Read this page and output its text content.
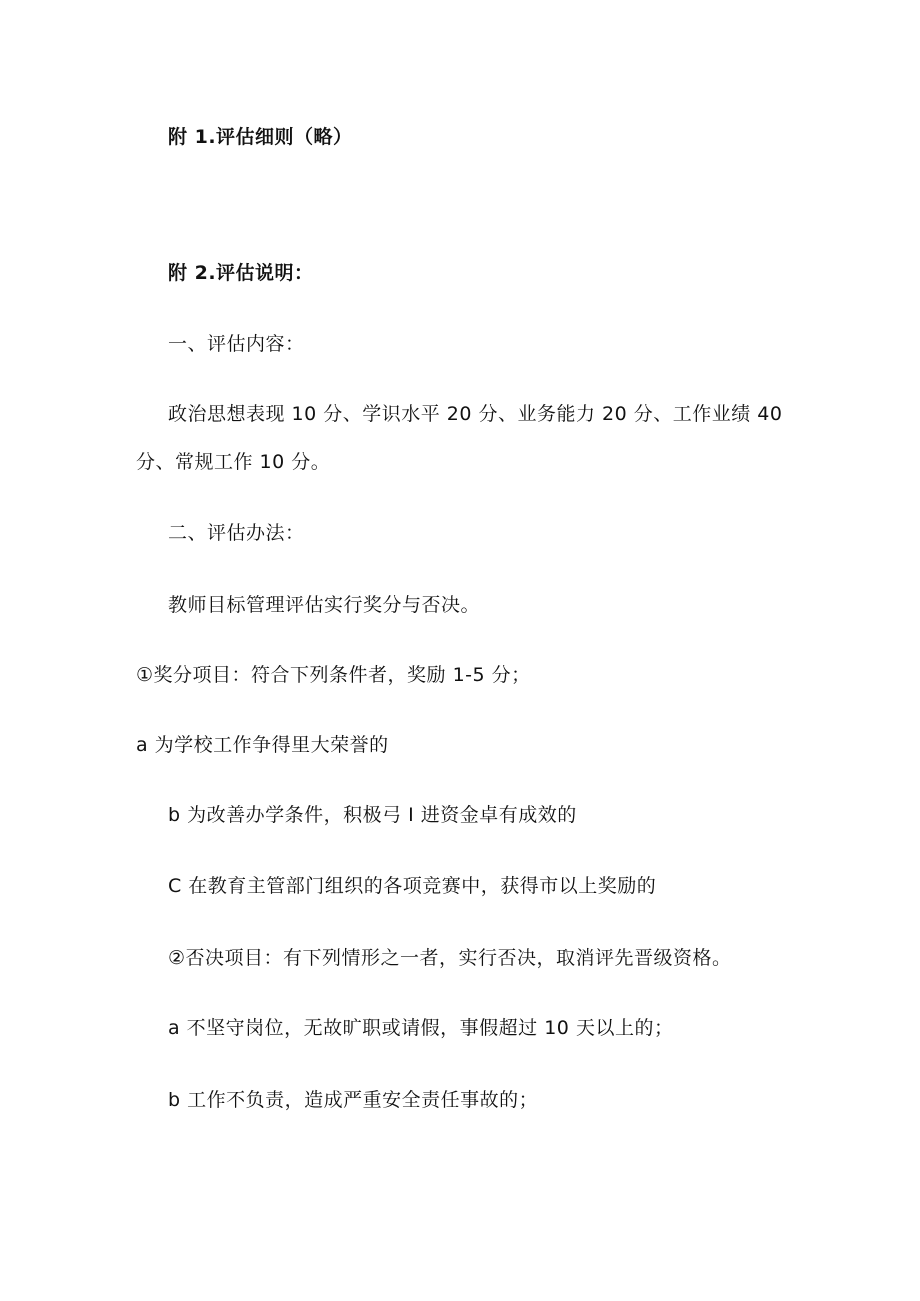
附 1.评估细则（略）
附 2.评估说明：
一、评估内容：
政治思想表现 10 分、学识水平 20 分、业务能力 20 分、工作业绩 40
分、常规工作 10 分。
二、评估办法：
教师目标管理评估实行奖分与否决。
①奖分项目：符合下列条件者，奖励 1-5 分；
a 为学校工作争得里大荣誉的
b 为改善办学条件，积极弓 I 进资金卓有成效的
C 在教育主管部门组织的各项竞赛中，获得市以上奖励的
②否决项目：有下列情形之一者，实行否决，取消评先晋级资格。
a 不坚守岗位，无故旷职或请假，事假超过 10 天以上的；
b 工作不负责，造成严重安全责任事故的；
